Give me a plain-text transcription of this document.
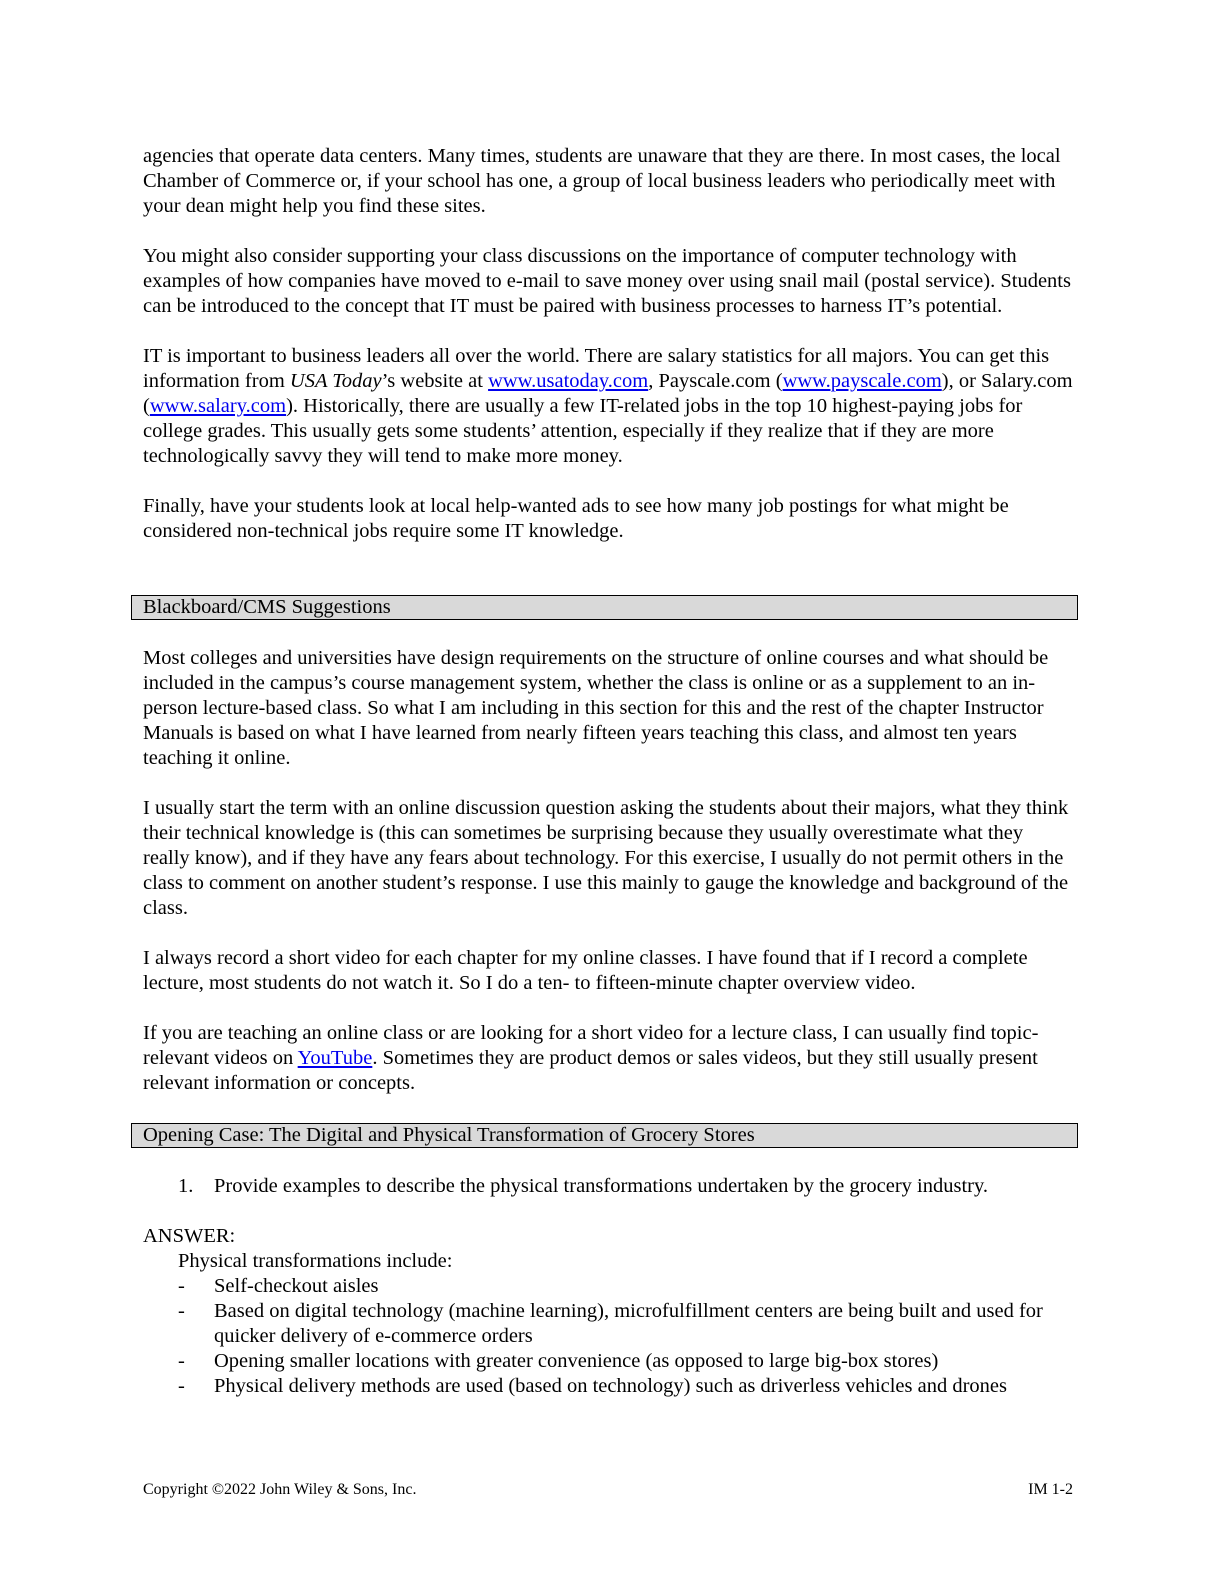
agencies that operate data centers. Many times, students are unaware that they are there. In most cases, the local Chamber of Commerce or, if your school has one, a group of local business leaders who periodically meet with your dean might help you find these sites.

You might also consider supporting your class discussions on the importance of computer technology with examples of how companies have moved to e-mail to save money over using snail mail (postal service). Students can be introduced to the concept that IT must be paired with business processes to harness IT’s potential.

IT is important to business leaders all over the world. There are salary statistics for all majors. You can get this information from USA Today’s website at www.usatoday.com, Payscale.com (www.payscale.com), or Salary.com (www.salary.com). Historically, there are usually a few IT-related jobs in the top 10 highest-paying jobs for college grades. This usually gets some students’ attention, especially if they realize that if they are more technologically savvy they will tend to make more money.

Finally, have your students look at local help-wanted ads to see how many job postings for what might be considered non-technical jobs require some IT knowledge.

Blackboard/CMS Suggestions

Most colleges and universities have design requirements on the structure of online courses and what should be included in the campus’s course management system, whether the class is online or as a supplement to an in-person lecture-based class. So what I am including in this section for this and the rest of the chapter Instructor Manuals is based on what I have learned from nearly fifteen years teaching this class, and almost ten years teaching it online.

I usually start the term with an online discussion question asking the students about their majors, what they think their technical knowledge is (this can sometimes be surprising because they usually overestimate what they really know), and if they have any fears about technology. For this exercise, I usually do not permit others in the class to comment on another student’s response. I use this mainly to gauge the knowledge and background of the class.

I always record a short video for each chapter for my online classes. I have found that if I record a complete lecture, most students do not watch it. So I do a ten- to fifteen-minute chapter overview video.

If you are teaching an online class or are looking for a short video for a lecture class, I can usually find topic-relevant videos on YouTube. Sometimes they are product demos or sales videos, but they still usually present relevant information or concepts.

Opening Case: The Digital and Physical Transformation of Grocery Stores
1. Provide examples to describe the physical transformations undertaken by the grocery industry.
ANSWER:
Physical transformations include:
- Self-checkout aisles
- Based on digital technology (machine learning), microfulfillment centers are being built and used for quicker delivery of e-commerce orders
- Opening smaller locations with greater convenience (as opposed to large big-box stores)
- Physical delivery methods are used (based on technology) such as driverless vehicles and drones
Copyright ©2022 John Wiley & Sons, Inc.	IM 1-2
